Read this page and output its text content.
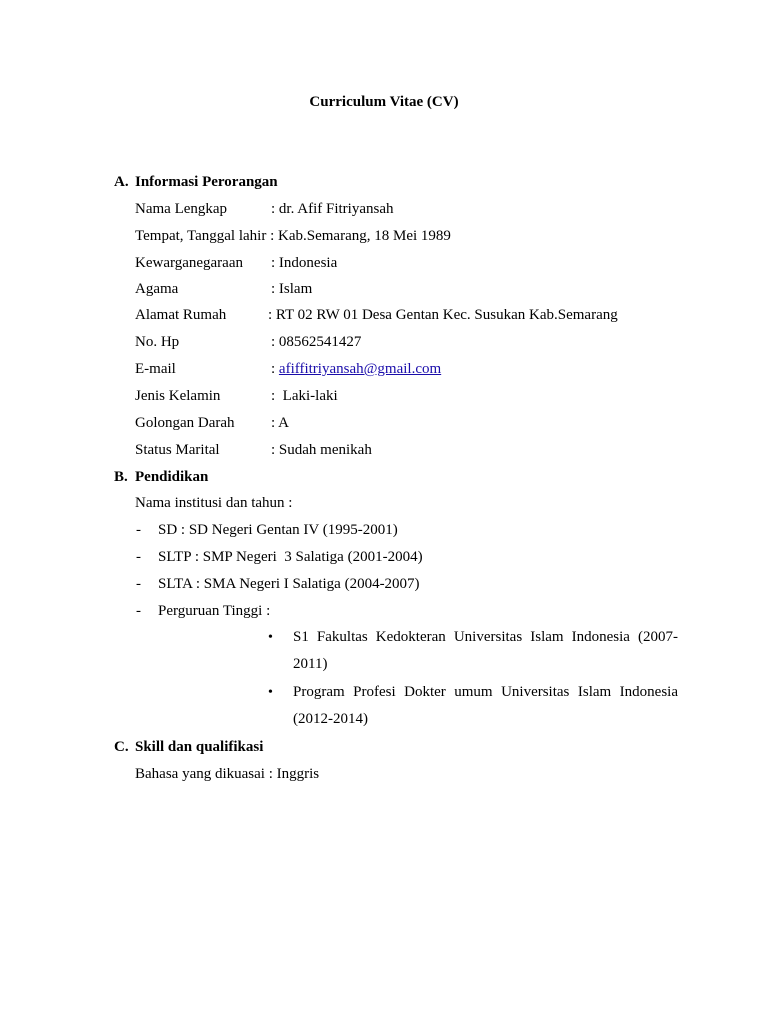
Curriculum Vitae (CV)
A. Informasi Perorangan
Nama Lengkap	: dr. Afif Fitriyansah
Tempat, Tanggal lahir : Kab.Semarang, 18 Mei 1989
Kewarganegaraan : Indonesia
Agama	: Islam
Alamat Rumah	: RT 02 RW 01 Desa Gentan Kec. Susukan Kab.Semarang
No. Hp	: 08562541427
E-mail	: afiffitriyansah@gmail.com
Jenis Kelamin	:  Laki-laki
Golongan Darah : A
Status Marital	: Sudah menikah
B. Pendidikan
Nama institusi dan tahun :
- SD : SD Negeri Gentan IV (1995-2001)
- SLTP : SMP Negeri  3 Salatiga (2001-2004)
- SLTA : SMA Negeri I Salatiga (2004-2007)
- Perguruan Tinggi :
•	S1 Fakultas Kedokteran Universitas Islam Indonesia (2007-2011)
•	Program Profesi Dokter umum Universitas Islam Indonesia (2012-2014)
C. Skill dan qualifikasi
Bahasa yang dikuasai : Inggris
